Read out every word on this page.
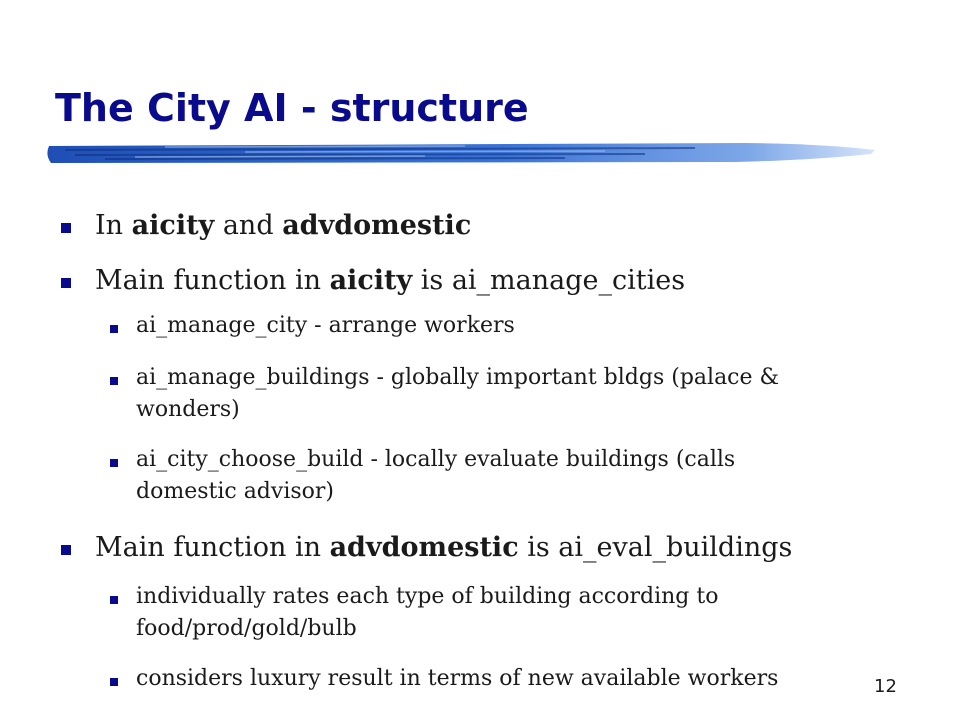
The City AI - structure
In aicity and advdomestic
Main function in aicity is ai_manage_cities
ai_manage_city - arrange workers
ai_manage_buildings - globally important bldgs (palace &
wonders)
ai_city_choose_build - locally evaluate buildings (calls
domestic advisor)
Main function in advdomestic is ai_eval_buildings
individually rates each type of building according to
food/prod/gold/bulb
considers luxury result in terms of new available workers	12
